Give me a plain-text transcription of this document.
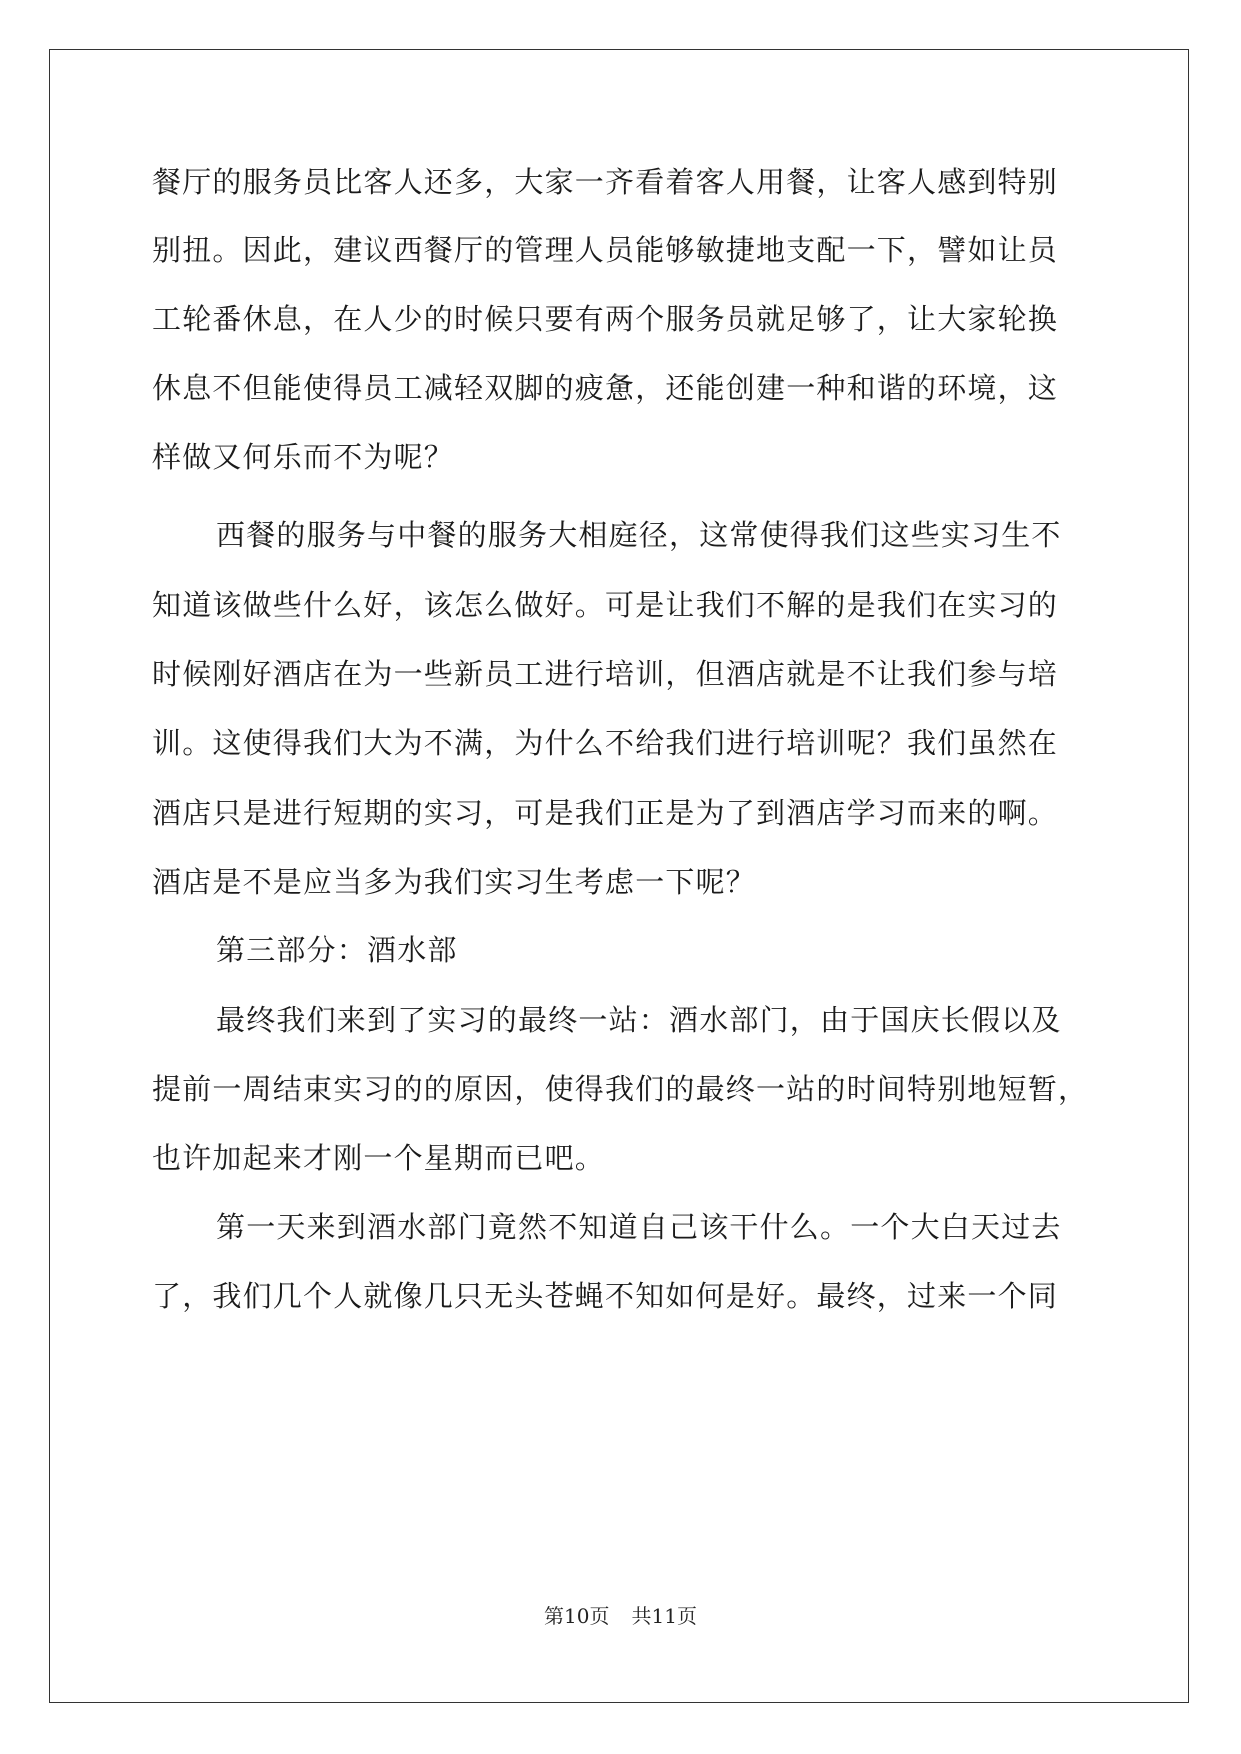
餐厅的服务员比客人还多，大家一齐看着客人用餐，让客人感到特别
别扭。因此，建议西餐厅的管理人员能够敏捷地支配一下，譬如让员
工轮番休息，在人少的时候只要有两个服务员就足够了，让大家轮换
休息不但能使得员工减轻双脚的疲惫，还能创建一种和谐的环境，这
样做又何乐而不为呢？
西餐的服务与中餐的服务大相庭径，这常使得我们这些实习生不
知道该做些什么好，该怎么做好。可是让我们不解的是我们在实习的
时候刚好酒店在为一些新员工进行培训，但酒店就是不让我们参与培
训。这使得我们大为不满，为什么不给我们进行培训呢？我们虽然在
酒店只是进行短期的实习，可是我们正是为了到酒店学习而来的啊。
酒店是不是应当多为我们实习生考虑一下呢？
第三部分：酒水部
最终我们来到了实习的最终一站：酒水部门，由于国庆长假以及
提前一周结束实习的的原因，使得我们的最终一站的时间特别地短暂，
也许加起来才刚一个星期而已吧。
第一天来到酒水部门竟然不知道自己该干什么。一个大白天过去
了，我们几个人就像几只无头苍蝇不知如何是好。最终，过来一个同
第10页 共11页
